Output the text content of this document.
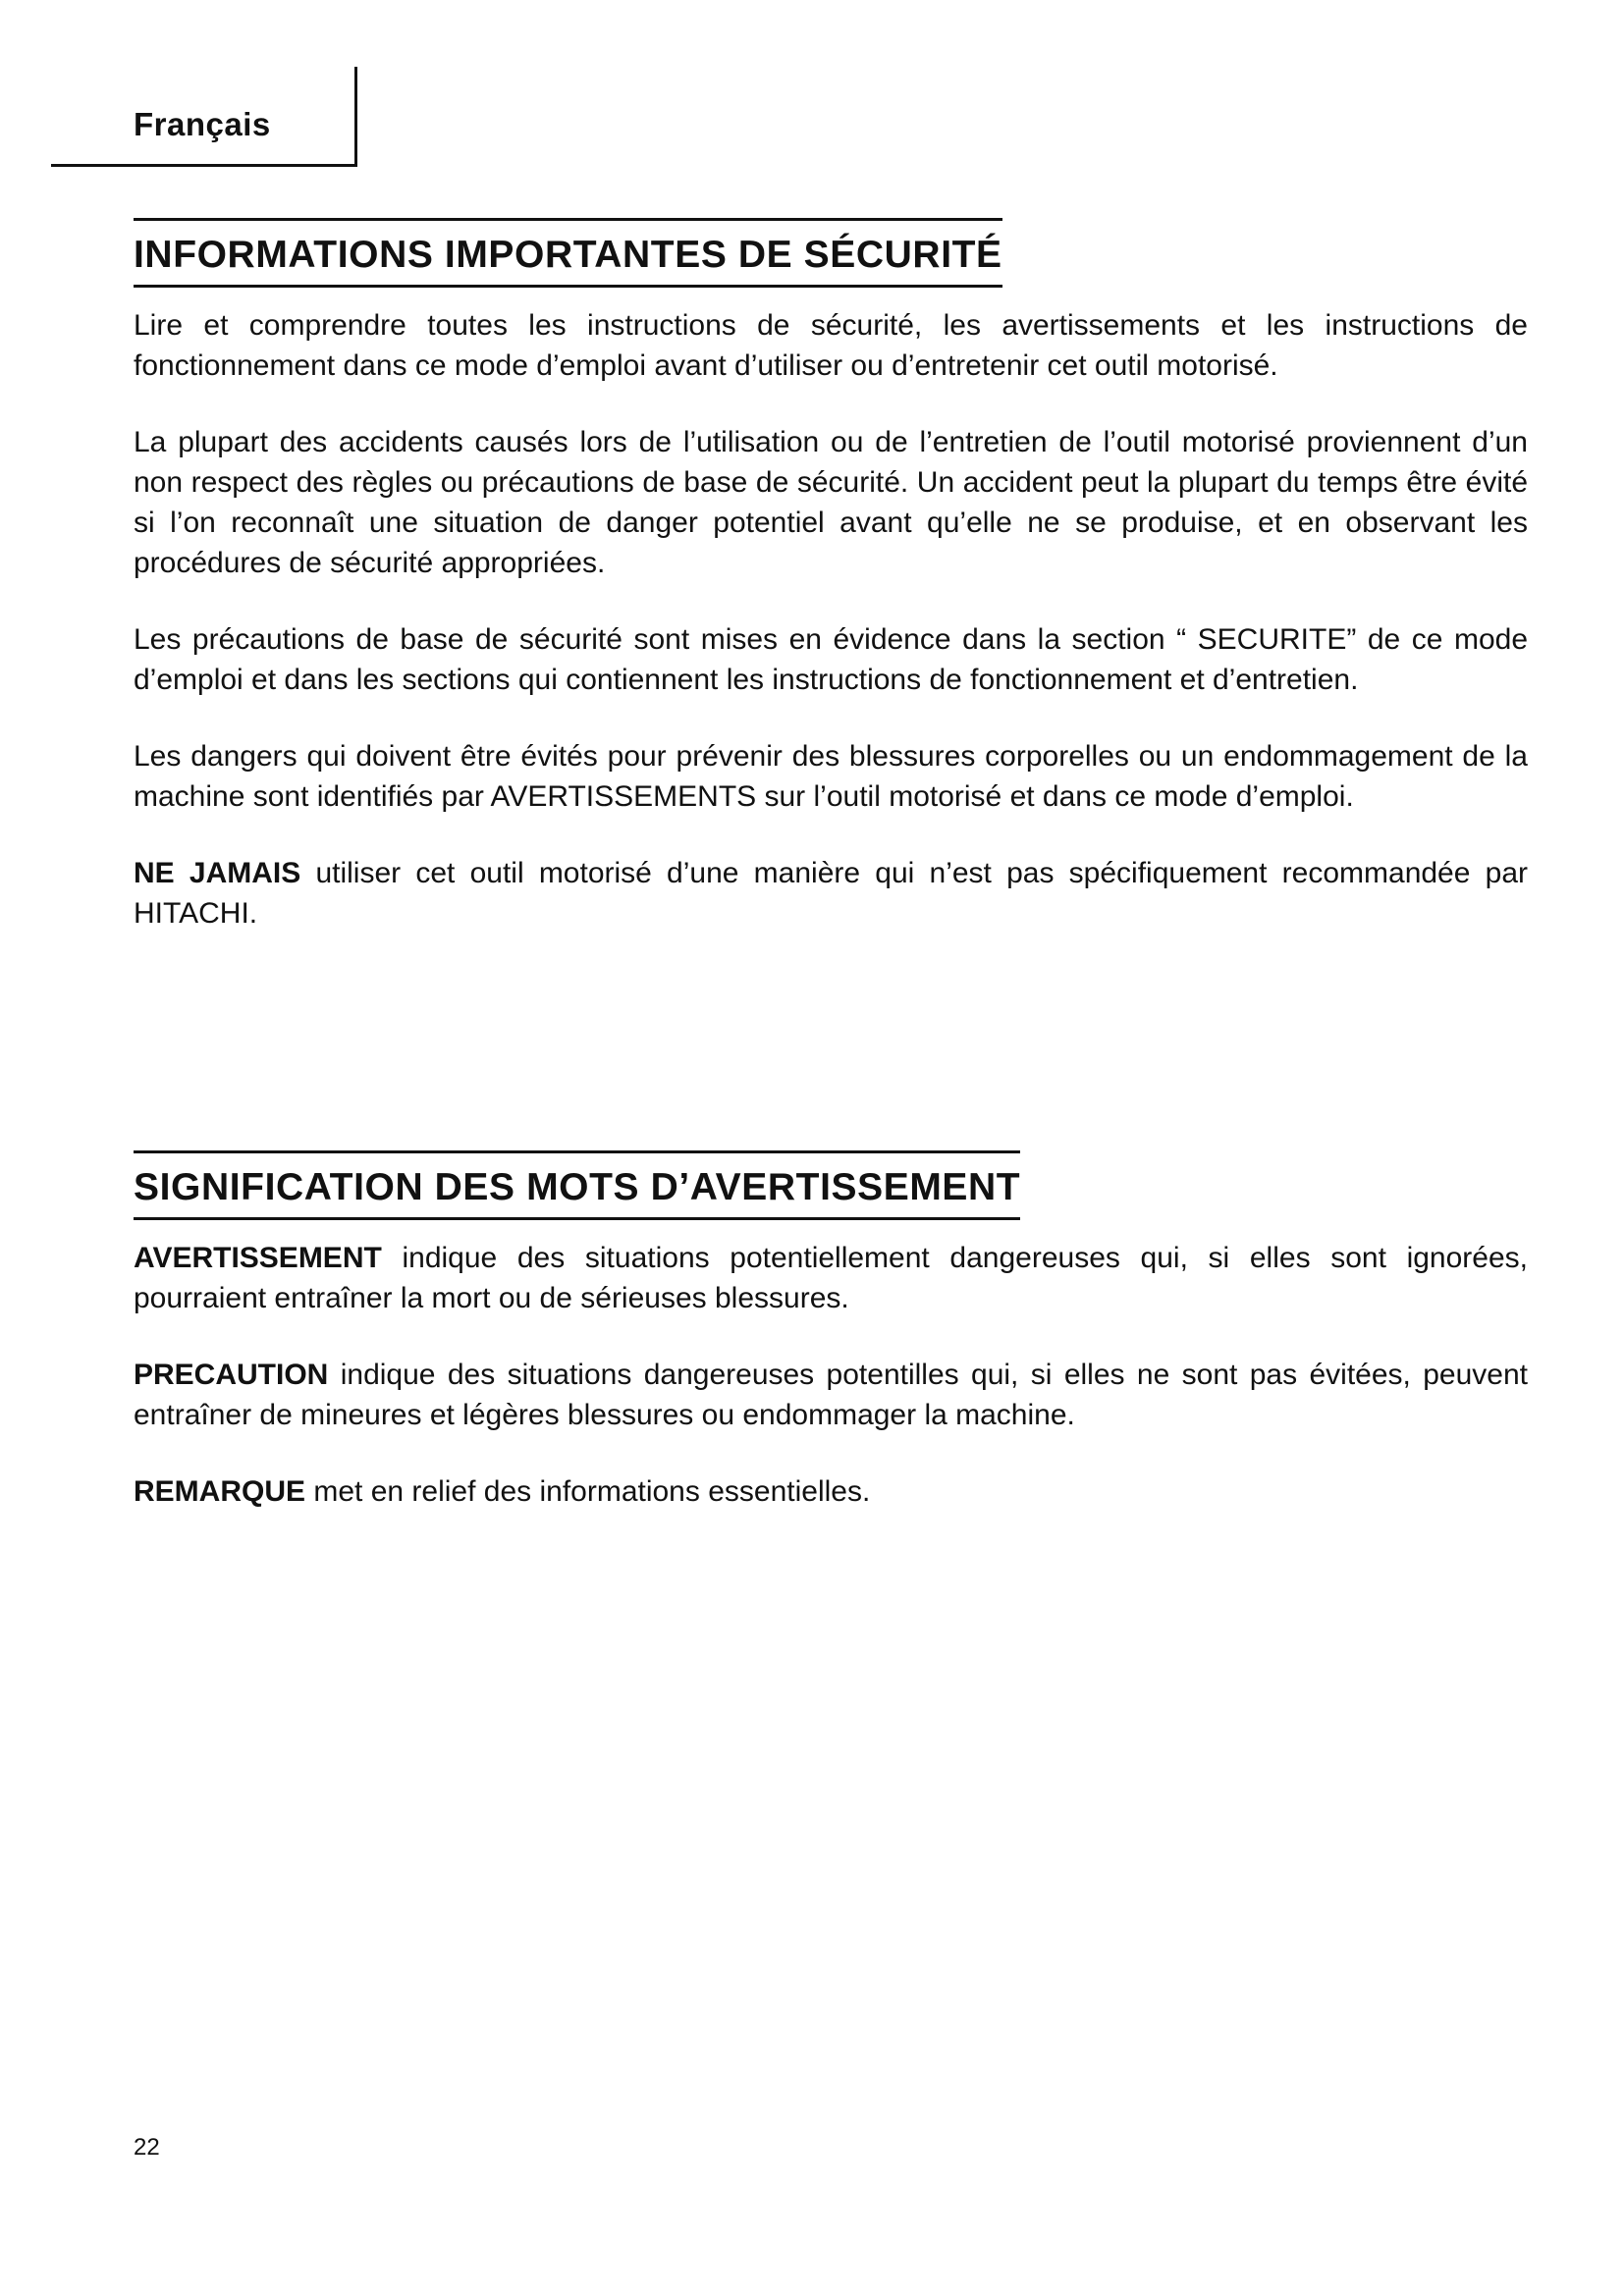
Français
INFORMATIONS IMPORTANTES DE SÉCURITÉ

Lire et comprendre toutes les instructions de sécurité, les avertissements et les instructions de fonctionnement dans ce mode d’emploi avant d’utiliser ou d’entretenir cet outil motorisé.

La plupart des accidents causés lors de l’utilisation ou de l’entretien de l’outil motorisé proviennent d’un non respect des règles ou précautions de base de sécurité. Un accident peut la plupart du temps être évité si l’on reconnaît une situation de danger potentiel avant qu’elle ne se produise, et en observant les procédures de sécurité appropriées.

Les précautions de base de sécurité sont mises en évidence dans la section “ SECURITE” de ce mode d’emploi et dans les sections qui contiennent les instructions de fonctionnement et d’entretien.

Les dangers qui doivent être évités pour prévenir des blessures corporelles ou un endommagement de la machine sont identifiés par AVERTISSEMENTS sur l’outil motorisé et dans ce mode d’emploi.

NE JAMAIS utiliser cet outil motorisé d’une manière qui n’est pas spécifiquement recommandée par HITACHI.

SIGNIFICATION DES MOTS D’AVERTISSEMENT

AVERTISSEMENT indique des situations potentiellement dangereuses qui, si elles sont ignorées, pourraient entraîner la mort ou de sérieuses blessures.

PRECAUTION indique des situations dangereuses potentilles qui, si elles ne sont pas évitées, peuvent entraîner de mineures et légères blessures ou endommager la machine.

REMARQUE met en relief des informations essentielles.

22
